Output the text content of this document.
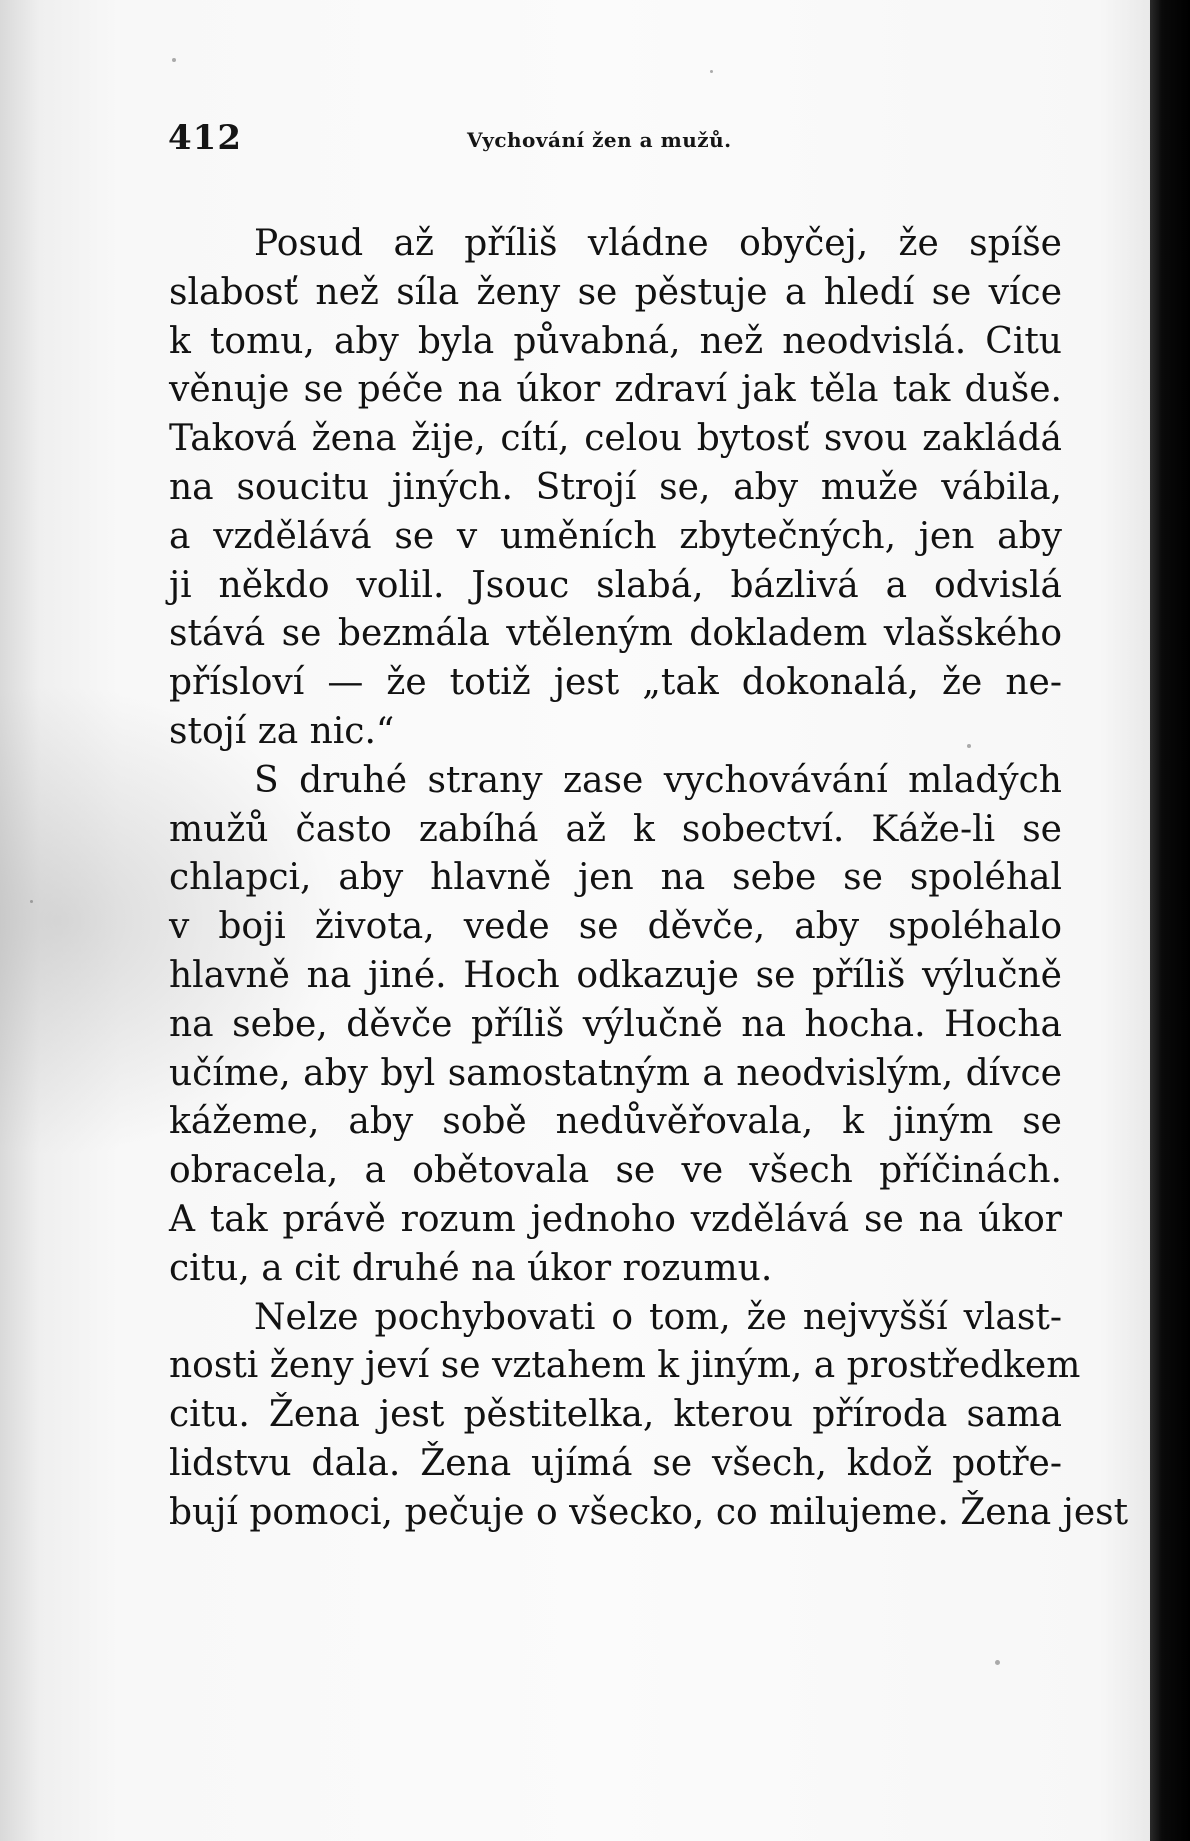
412	Vychování žen a mužů.
Posud až příliš vládne obyčej, že spíše
slabosť než síla ženy se pěstuje a hledí se více
k tomu, aby byla půvabná, než neodvislá. Citu
věnuje se péče na úkor zdraví jak těla tak duše.
Taková žena žije, cítí, celou bytosť svou zakládá
na soucitu jiných. Strojí se, aby muže vábila,
a vzdělává se v uměních zbytečných, jen aby
ji někdo volil. Jsouc slabá, bázlivá a odvislá
stává se bezmála vtěleným dokladem vlašského
přísloví — že totiž jest „tak dokonalá, že ne-
stojí za nic.“
S druhé strany zase vychovávání mladých
mužů často zabíhá až k sobectví. Káže-li se
chlapci, aby hlavně jen na sebe se spoléhal
v boji života, vede se děvče, aby spoléhalo
hlavně na jiné. Hoch odkazuje se příliš výlučně
na sebe, děvče příliš výlučně na hocha. Hocha
učíme, aby byl samostatným a neodvislým, dívce
kážeme, aby sobě nedůvěřovala, k jiným se
obracela, a obětovala se ve všech příčinách.
A tak právě rozum jednoho vzdělává se na úkor
citu, a cit druhé na úkor rozumu.
Nelze pochybovati o tom, že nejvyšší vlast-
nosti ženy jeví se vztahem k jiným, a prostředkem
citu. Žena jest pěstitelka, kterou příroda sama
lidstvu dala. Žena ujímá se všech, kdož potře-
bují pomoci, pečuje o všecko, co milujeme. Žena jest
